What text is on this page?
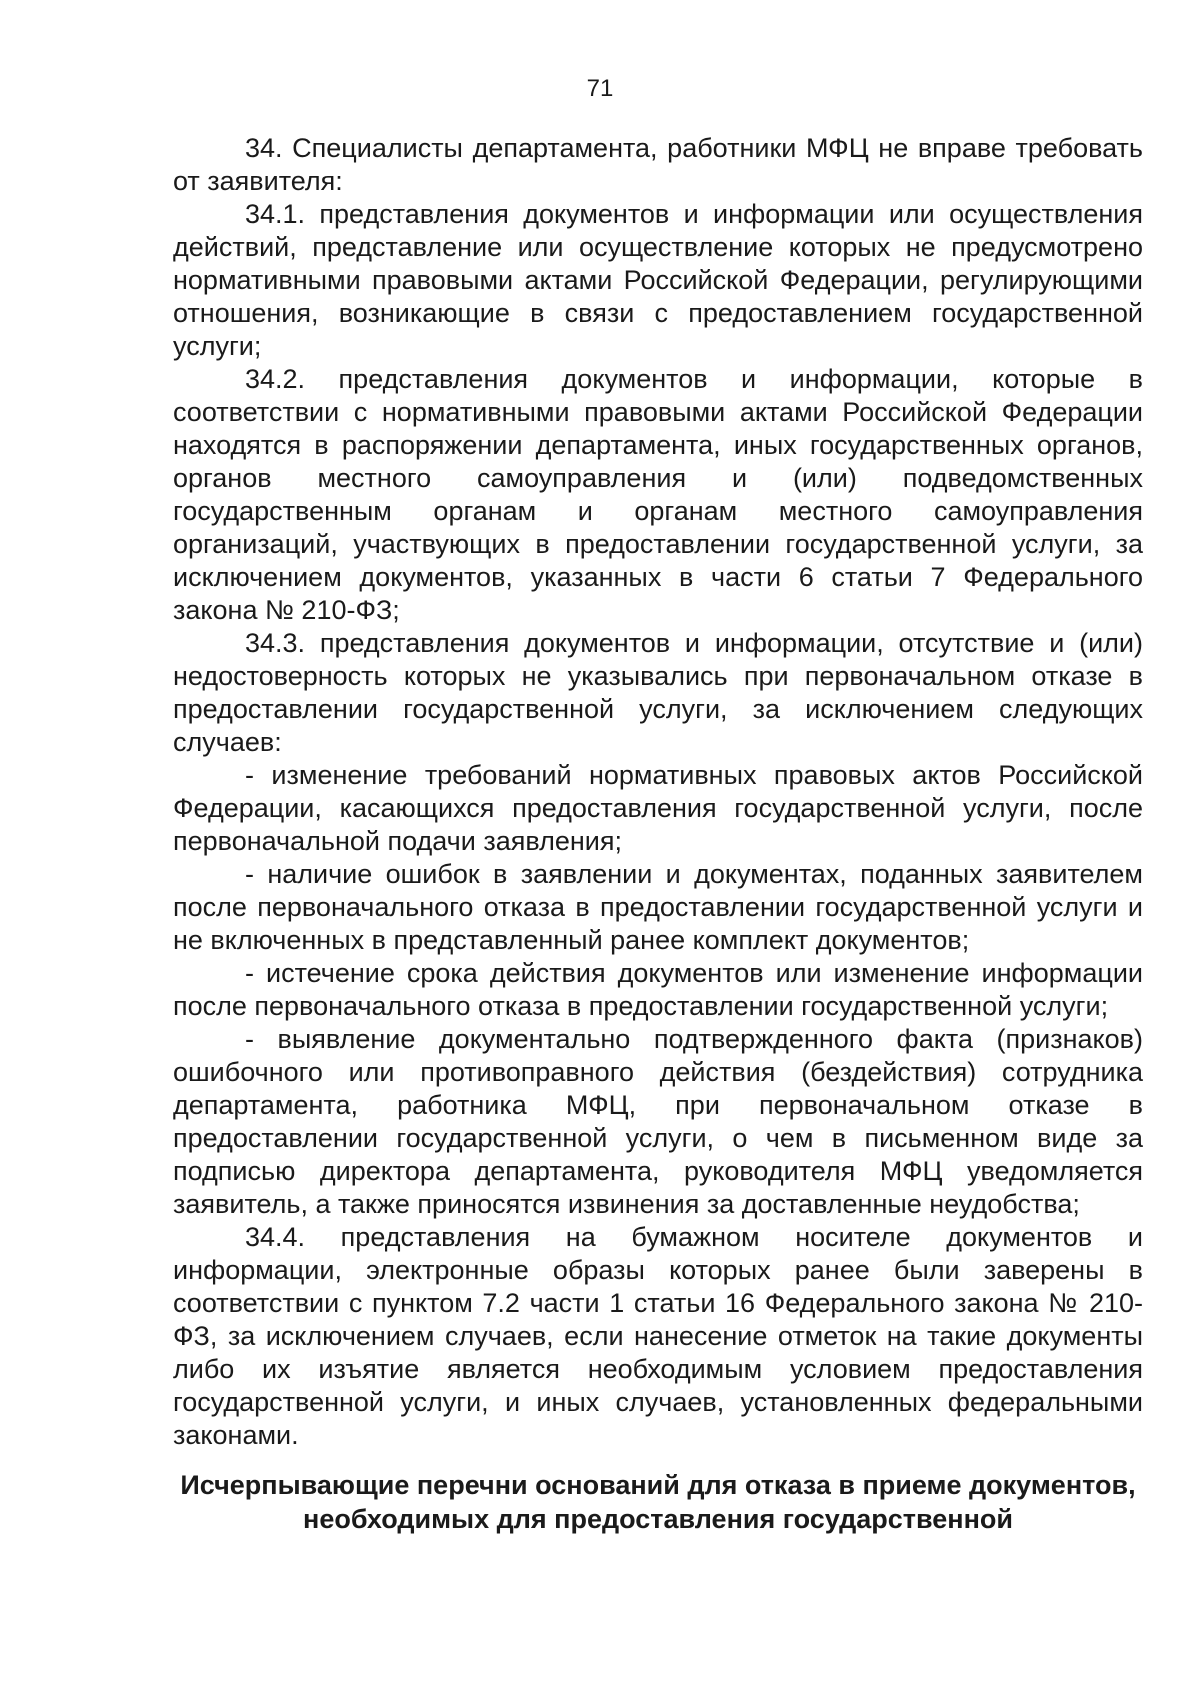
71

34. Специалисты департамента, работники МФЦ не вправе требовать от заявителя:

34.1. представления документов и информации или осуществления действий, представление или осуществление которых не предусмотрено нормативными правовыми актами Российской Федерации, регулирующими отношения, возникающие в связи с предоставлением государственной услуги;

34.2. представления документов и информации, которые в соответствии с нормативными правовыми актами Российской Федерации находятся в распоряжении департамента, иных государственных органов, органов местного самоуправления и (или) подведомственных государственным органам и органам местного самоуправления организаций, участвующих в предоставлении государственной услуги, за исключением документов, указанных в части 6 статьи 7 Федерального закона № 210-ФЗ;

34.3. представления документов и информации, отсутствие и (или) недостоверность которых не указывались при первоначальном отказе в предоставлении государственной услуги, за исключением следующих случаев:

- изменение требований нормативных правовых актов Российской Федерации, касающихся предоставления государственной услуги, после первоначальной подачи заявления;

- наличие ошибок в заявлении и документах, поданных заявителем после первоначального отказа в предоставлении государственной услуги и не включенных в представленный ранее комплект документов;

- истечение срока действия документов или изменение информации после первоначального отказа в предоставлении государственной услуги;

- выявление документально подтвержденного факта (признаков) ошибочного или противоправного действия (бездействия) сотрудника департамента, работника МФЦ, при первоначальном отказе в предоставлении государственной услуги, о чем в письменном виде за подписью директора департамента, руководителя МФЦ уведомляется заявитель, а также приносятся извинения за доставленные неудобства;

34.4. представления на бумажном носителе документов и информации, электронные образы которых ранее были заверены в соответствии с пунктом 7.2 части 1 статьи 16 Федерального закона № 210-ФЗ, за исключением случаев, если нанесение отметок на такие документы либо их изъятие является необходимым условием предоставления государственной услуги, и иных случаев, установленных федеральными законами.

Исчерпывающие перечни оснований для отказа в приеме документов, необходимых для предоставления государственной
